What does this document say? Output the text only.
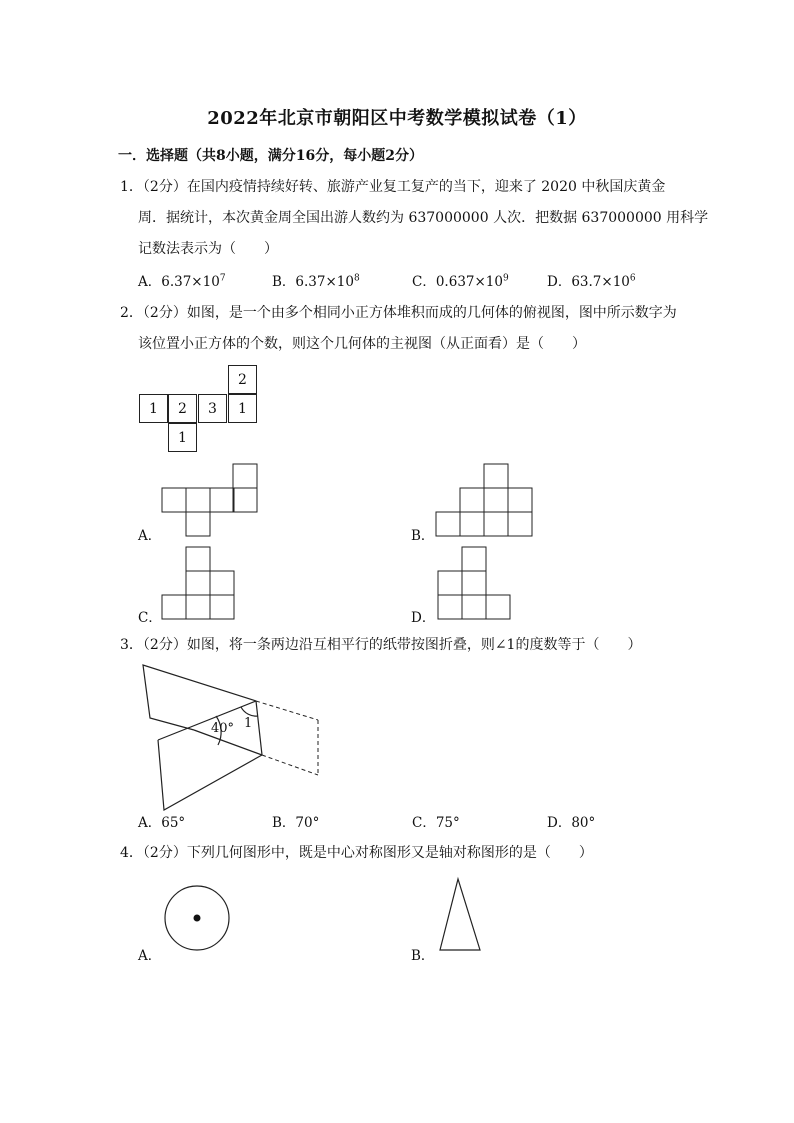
2022年北京市朝阳区中考数学模拟试卷（1）
一．选择题（共8小题，满分16分，每小题2分）
1．（2分）在国内疫情持续好转、旅游产业复工复产的当下，迎来了 2020 中秋国庆黄金
周．据统计，本次黄金周全国出游人数约为 637000000 人次．把数据 637000000 用科学
记数法表示为（　　）
A．$6.37\times 10^7$	B．$6.37\times 10^8$	C．$0.637\times 10^9$	D．$63.7\times 10^6$
2．（2分）如图，是一个由多个相同小正方体堆积而成的几何体的俯视图，图中所示数字为
该位置小正方体的个数，则这个几何体的主视图（从正面看）是（　　）
2
1	2	3	1
1
A．	B．
C．	D．
3．（2分）如图，将一条两边沿互相平行的纸带按图折叠，则∠1的度数等于（　　）
40° 1
A．65°	B．70°	C．75°	D．80°
4．（2分）下列几何图形中，既是中心对称图形又是轴对称图形的是（　　）
A．	B．
